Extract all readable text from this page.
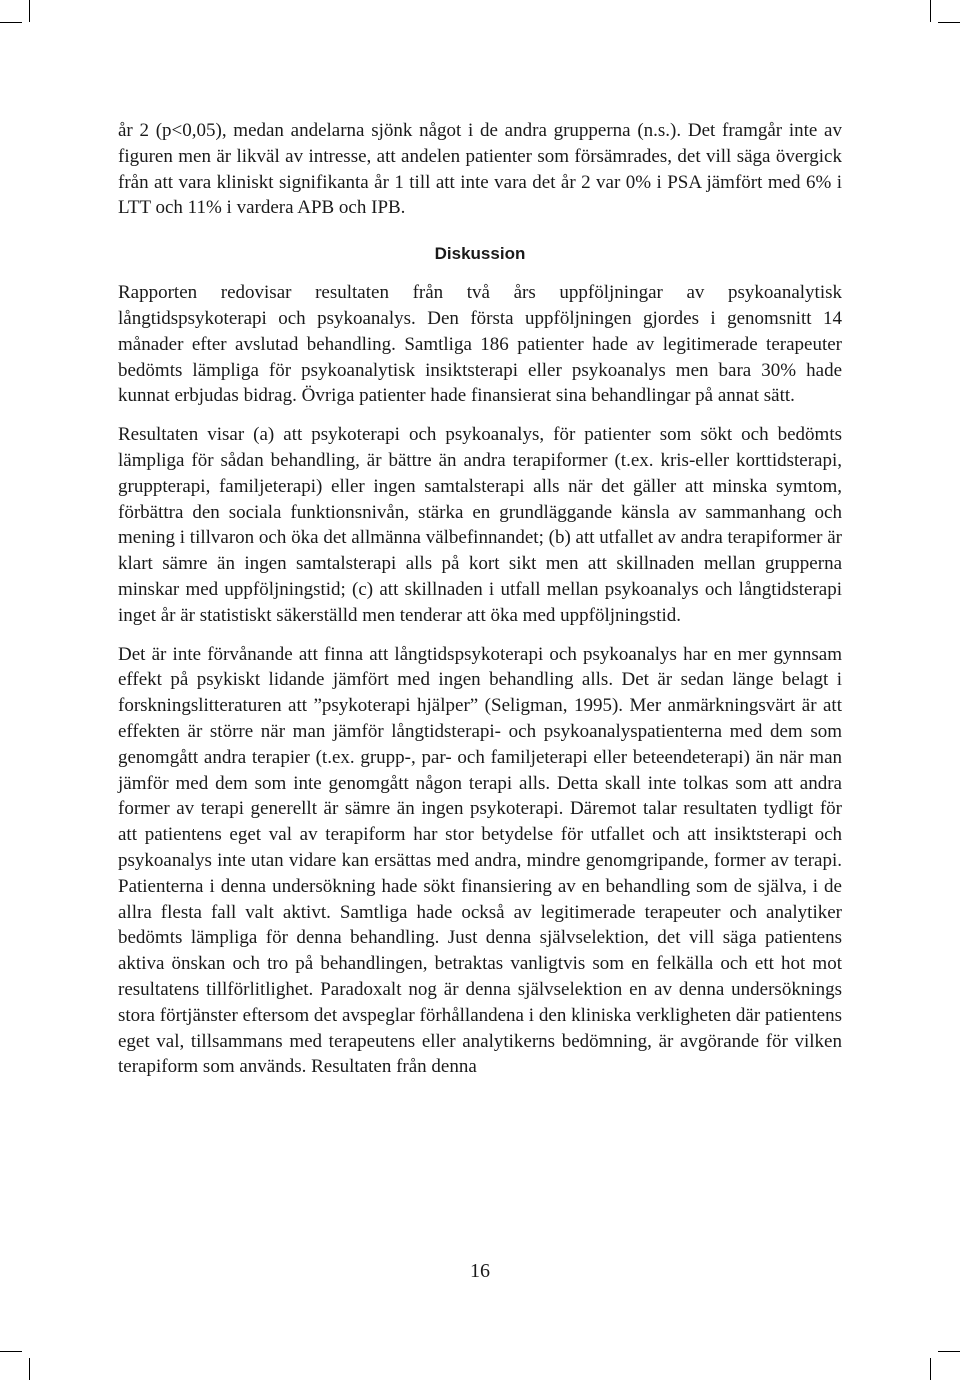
år 2 (p<0,05), medan andelarna sjönk något i de andra grupperna (n.s.). Det framgår inte av figuren men är likväl av intresse, att andelen patienter som försämrades, det vill säga övergick från att vara kliniskt signifikanta år 1 till att inte vara det år 2 var 0% i PSA jämfört med 6% i LTT och 11% i vardera APB och IPB.

Diskussion

Rapporten redovisar resultaten från två års uppföljningar av psykoanalytisk långtidspsykoterapi och psykoanalys. Den första uppföljningen gjordes i genomsnitt 14 månader efter avslutad behandling. Samtliga 186 patienter hade av legitimerade terapeuter bedömts lämpliga för psykoanalytisk insiktsterapi eller psykoanalys men bara 30% hade kunnat erbjudas bidrag. Övriga patienter hade finansierat sina behandlingar på annat sätt.

Resultaten visar (a) att psykoterapi och psykoanalys, för patienter som sökt och bedömts lämpliga för sådan behandling, är bättre än andra terapiformer (t.ex. kris-eller korttidsterapi, gruppterapi, familjeterapi) eller ingen samtalsterapi alls när det gäller att minska symtom, förbättra den sociala funktionsnivån, stärka en grundläggande känsla av sammanhang och mening i tillvaron och öka det allmänna välbefinnandet; (b) att utfallet av andra terapiformer är klart sämre än ingen samtalsterapi alls på kort sikt men att skillnaden mellan grupperna minskar med uppföljningstid; (c) att skillnaden i utfall mellan psykoanalys och långtidsterapi inget år är statistiskt säkerställd men tenderar att öka med uppföljningstid.

Det är inte förvånande att finna att långtidspsykoterapi och psykoanalys har en mer gynnsam effekt på psykiskt lidande jämfört med ingen behandling alls. Det är sedan länge belagt i forskningslitteraturen att ”psykoterapi hjälper” (Seligman, 1995). Mer anmärkningsvärt är att effekten är större när man jämför långtidsterapi- och psykoanalyspatienterna med dem som genomgått andra terapier (t.ex. grupp-, par- och familjeterapi eller beteendeterapi) än när man jämför med dem som inte genomgått någon terapi alls. Detta skall inte tolkas som att andra former av terapi generellt är sämre än ingen psykoterapi. Däremot talar resultaten tydligt för att patientens eget val av terapiform har stor betydelse för utfallet och att insiktsterapi och psykoanalys inte utan vidare kan ersättas med andra, mindre genomgripande, former av terapi. Patienterna i denna undersökning hade sökt finansiering av en behandling som de själva, i de allra flesta fall valt aktivt. Samtliga hade också av legitimerade terapeuter och analytiker bedömts lämpliga för denna behandling. Just denna självselektion, det vill säga patientens aktiva önskan och tro på behandlingen, betraktas vanligtvis som en felkälla och ett hot mot resultatens tillförlitlighet. Paradoxalt nog är denna självselektion en av denna undersöknings stora förtjänster eftersom det avspeglar förhållandena i den kliniska verkligheten där patientens eget val, tillsammans med terapeutens eller analytikerns bedömning, är avgörande för vilken terapiform som används. Resultaten från denna

16
